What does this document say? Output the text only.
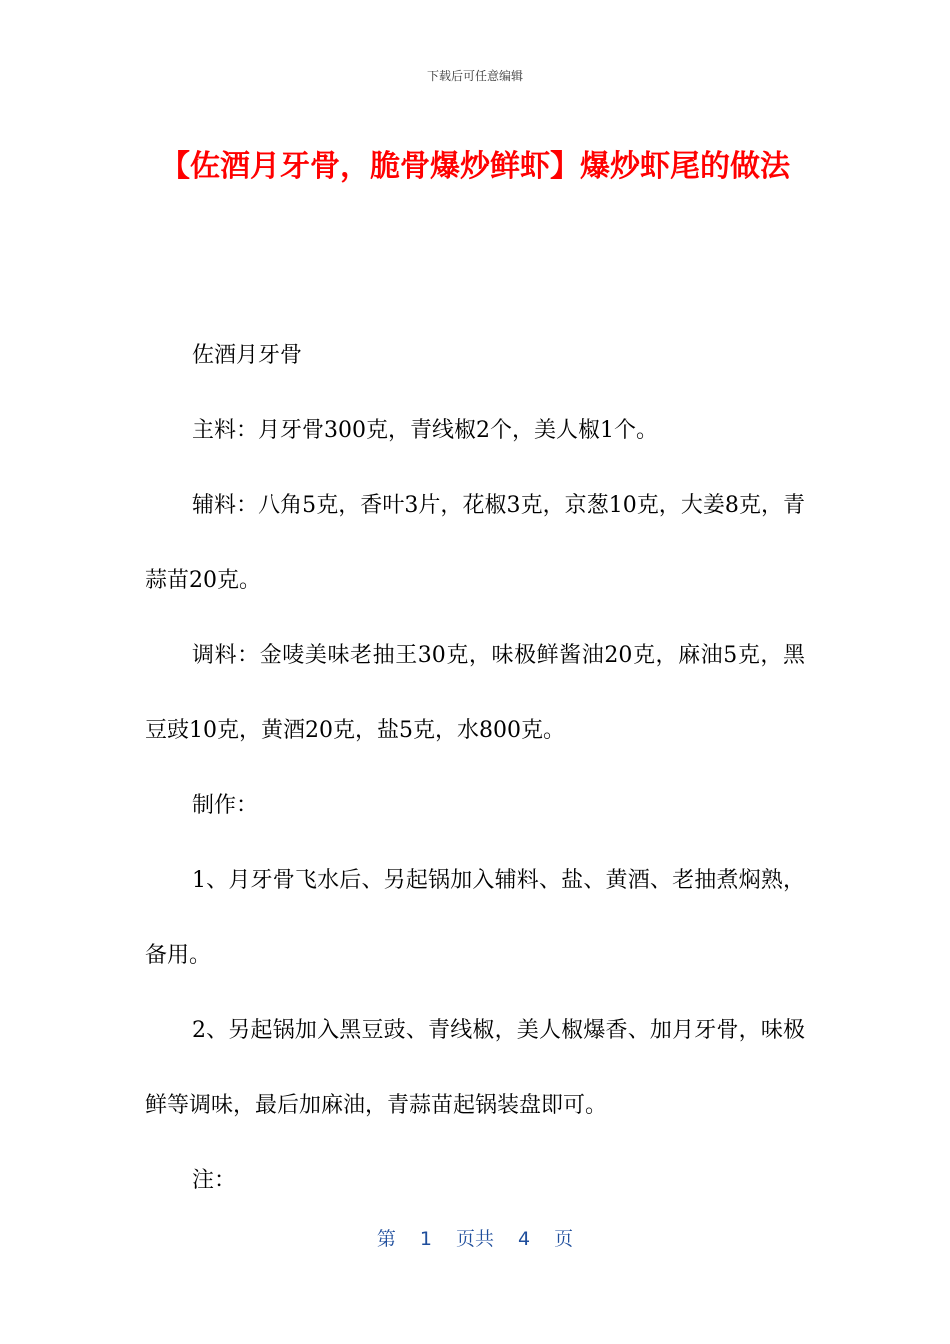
下载后可任意编辑
【佐酒月牙骨，脆骨爆炒鲜虾】爆炒虾尾的做法

佐酒月牙骨

主料：月牙骨300克，青线椒2个，美人椒1个。

辅料：八角5克，香叶3片，花椒3克，京葱10克，大姜8克，青蒜苗20克。

调料：金唛美味老抽王30克，味极鲜酱油20克，麻油5克，黑豆豉10克，黄酒20克，盐5克，水800克。

制作：

1、月牙骨飞水后、另起锅加入辅料、盐、黄酒、老抽煮焖熟，备用。

2、另起锅加入黑豆豉、青线椒，美人椒爆香、加月牙骨，味极鲜等调味，最后加麻油，青蒜苗起锅装盘即可。

注：

第 1 页共 4 页
